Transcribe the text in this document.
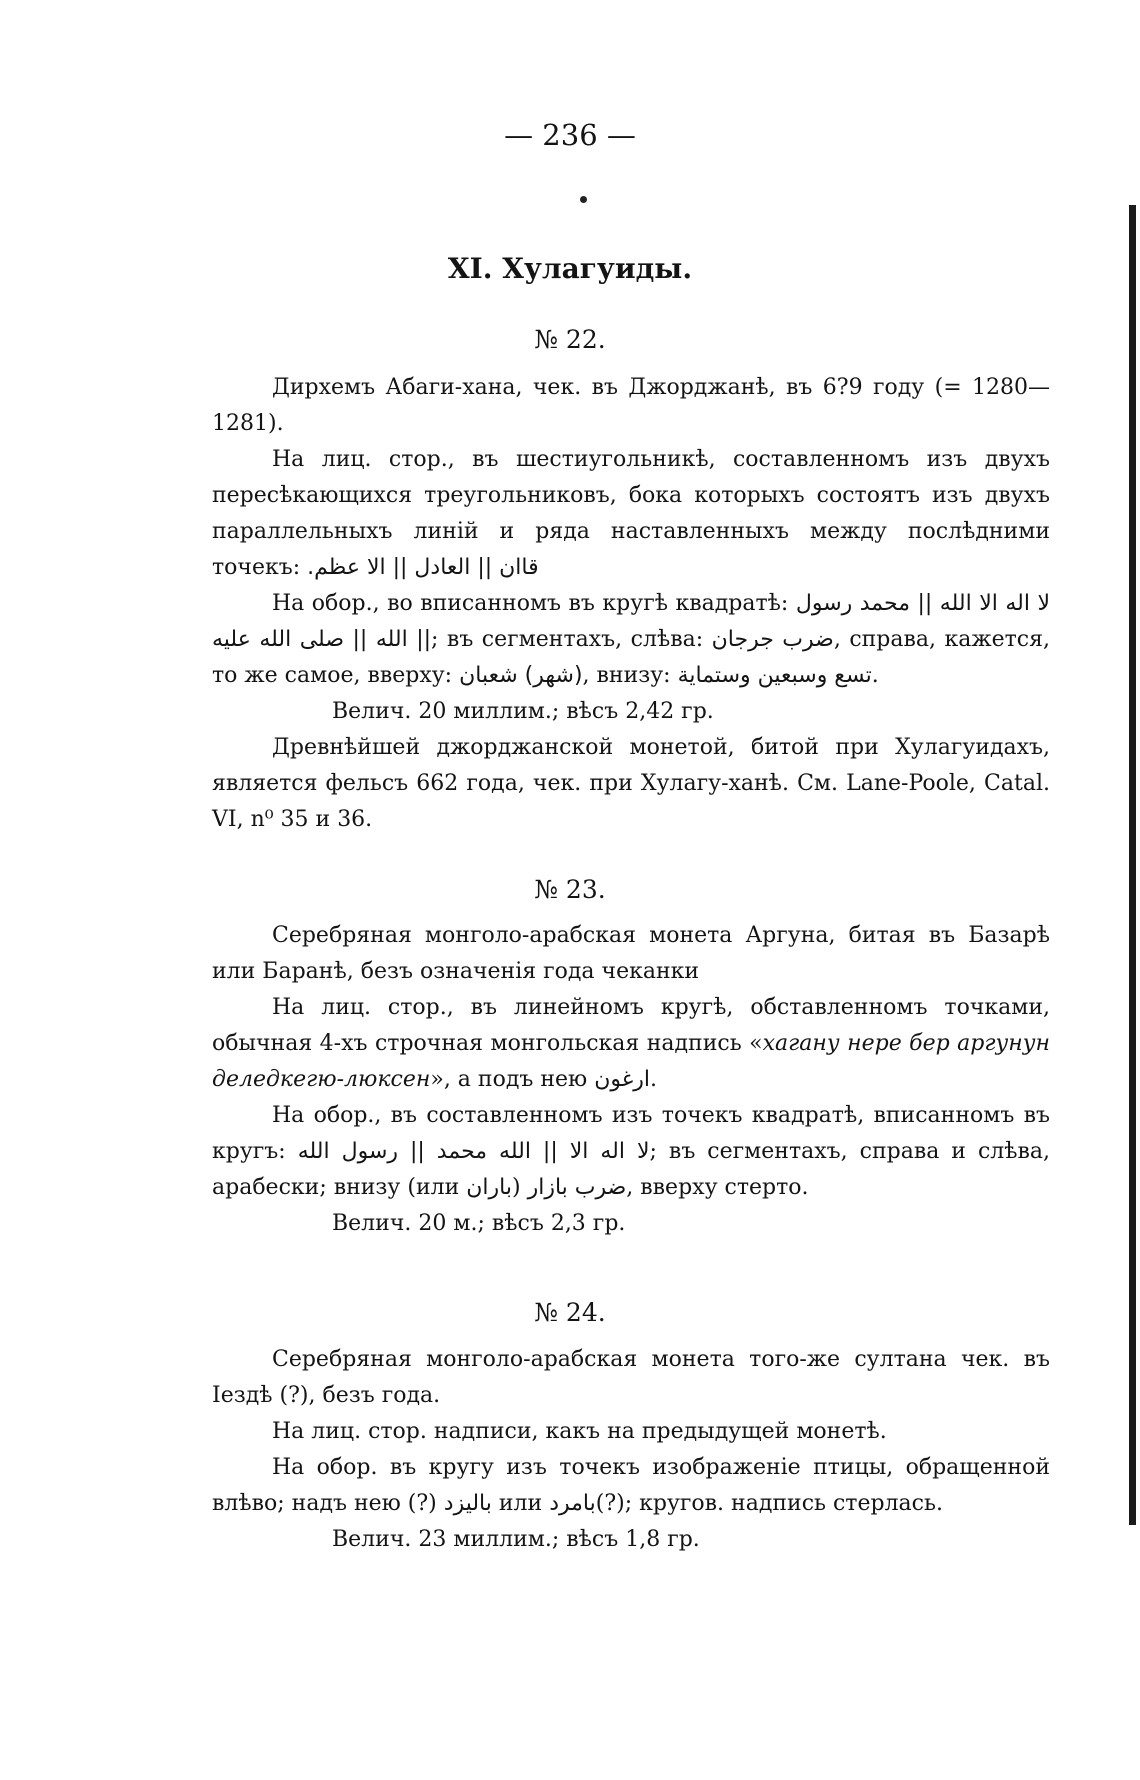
— 236 —
XI. Хулагуиды.
№ 22.

Дирхемъ Абаги-хана, чек. въ Джорджанѣ, въ 6?9 году (= 1280—1281).

На лиц. стор., въ шестиугольникѣ, составленномъ изъ двухъ пересѣкающихся треугольниковъ, бока которыхъ состоятъ изъ двухъ параллельныхъ линій и ряда наставленныхъ между послѣдними точекъ: قاان || العادل || الا عظم.

На обор., во вписанномъ въ кругѣ квадратѣ: لا اله الا الله || محمد رسول || الله || صلى الله عليه; въ сегментахъ, слѣва: ضرب جرجان, справа, кажется, то же самое, вверху: (شهر) شعبان, внизу: تسع وسبعين وستماية.

Велич. 20 миллим.; вѣсъ 2,42 гр.

Древнѣйшей джорджанской монетой, битой при Хулагуидахъ, является фельсъ 662 года, чек. при Хулагу-ханѣ. См. Lane-Poole, Catal. VI, n⁰ 35 и 36.

№ 23.

Серебряная монголо-арабская монета Аргуна, битая въ Базарѣ или Баранѣ, безъ означенія года чеканки

На лиц. стор., въ линейномъ кругѣ, обставленномъ точками, обычная 4-хъ строчная монгольская надпись «хагану нере бер аргунун деледкегю-люксен», а подъ нею ارغون.

На обор., въ составленномъ изъ точекъ квадратѣ, вписанномъ въ кругъ: لا اله الا || الله محمد || رسول الله; въ сегментахъ, справа и слѣва, арабески; внизу (или باران) ضرب بازار, вверху стерто.

Велич. 20 м.; вѣсъ 2,3 гр.

№ 24.

Серебряная монголо-арабская монета того-же султана чек. въ Іездѣ (?), безъ года.

На лиц. стор. надписи, какъ на предыдущей монетѣ.

На обор. въ кругу изъ точекъ изображеніе птицы, обращенной влѣво; надъ нею (?) باليزد или بامرد(?); кругов. надпись стерлась.

Велич. 23 миллим.; вѣсъ 1,8 гр.
